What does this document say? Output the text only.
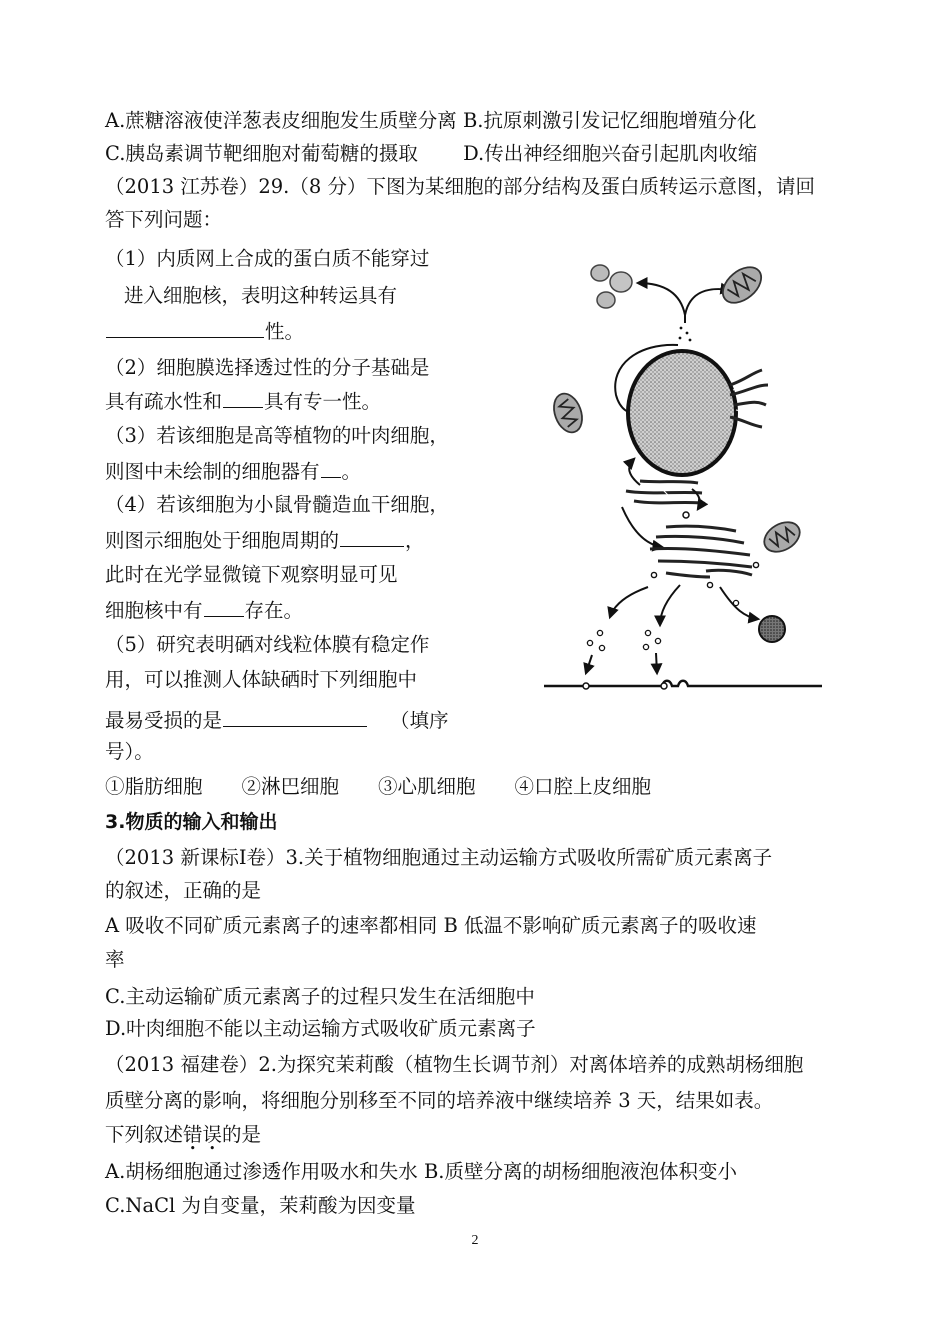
A.蔗糖溶液使洋葱表皮细胞发生质壁分离 B.抗原刺激引发记忆细胞增殖分化
C.胰岛素调节靶细胞对葡萄糖的摄取　　 D.传出神经细胞兴奋引起肌肉收缩
（2013 江苏卷）29.（8 分）下图为某细胞的部分结构及蛋白质转运示意图，请回
答下列问题：
（1）内质网上合成的蛋白质不能穿过
进入细胞核，表明这种转运具有
性。
（2）细胞膜选择透过性的分子基础是
具有疏水性和 具有专一性。
（3）若该细胞是高等植物的叶肉细胞，
则图中未绘制的细胞器有 。
（4）若该细胞为小鼠骨髓造血干细胞，
则图示细胞处于细胞周期的	，
此时在光学显微镜下观察明显可见
细胞核中有 存在。
（5）研究表明硒对线粒体膜有稳定作
用，可以推测人体缺硒时下列细胞中
最易受损的是	（填序
号）。
①脂肪细胞　　②淋巴细胞　　③心肌细胞　　④口腔上皮细胞
3.物质的输入和输出
（2013 新课标Ⅰ卷）3.关于植物细胞通过主动运输方式吸收所需矿质元素离子
的叙述，正确的是
A 吸收不同矿质元素离子的速率都相同 B 低温不影响矿质元素离子的吸收速
率
C.主动运输矿质元素离子的过程只发生在活细胞中
D.叶肉细胞不能以主动运输方式吸收矿质元素离子
（2013 福建卷）2.为探究茉莉酸（植物生长调节剂）对离体培养的成熟胡杨细胞
质壁分离的影响，将细胞分别移至不同的培养液中继续培养 3 天，结果如表。
下列叙述错误的是
A.胡杨细胞通过渗透作用吸水和失水 B.质壁分离的胡杨细胞液泡体积变小
C.NaCl 为自变量，茉莉酸为因变量
2
